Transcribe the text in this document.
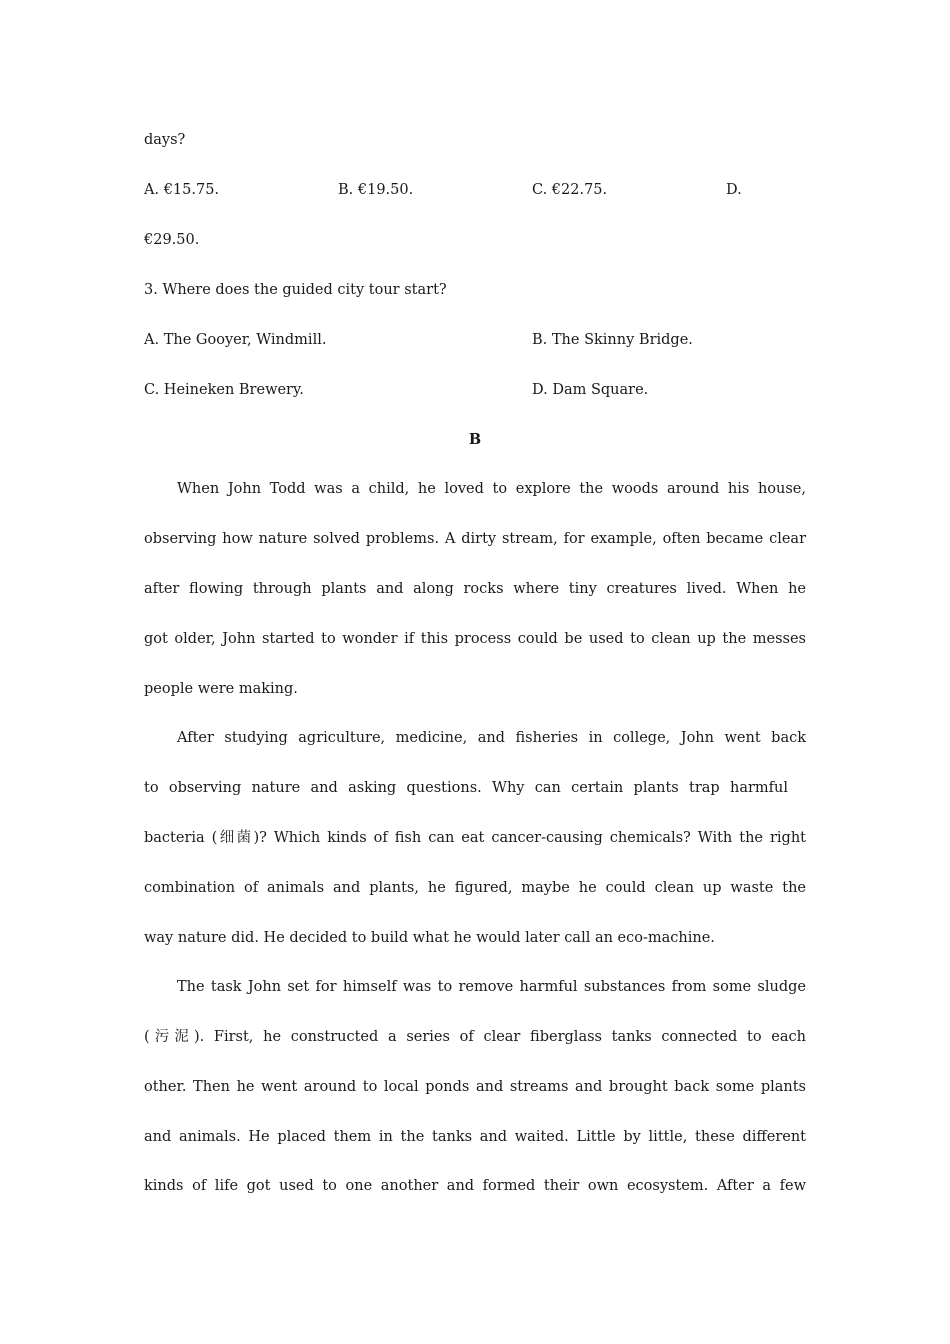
days?
A. €15.75.	B. €19.50.	C. €22.75.	D.
€29.50.
3. Where does the guided city tour start?
A. The Gooyer, Windmill.	B. The Skinny Bridge.
C. Heineken Brewery.	D. Dam Square.
B
When John Todd was a child, he loved to explore the woods around his house,
observing how nature solved problems. A dirty stream, for example, often became clear
after flowing through plants and along rocks where tiny creatures lived. When he
got older, John started to wonder if this process could be used to clean up the messes
people were making.
After studying agriculture, medicine, and fisheries in college, John went back
to observing nature and asking questions. Why can certain plants trap harmful
bacteria (细菌)? Which kinds of fish can eat cancer-causing chemicals? With the right
combination of animals and plants, he figured, maybe he could clean up waste the
way nature did. He decided to build what he would later call an eco-machine.
The task John set for himself was to remove harmful substances from some sludge
(污泥). First, he constructed a series of clear fiberglass tanks connected to each
other. Then he went around to local ponds and streams and brought back some plants
and animals. He placed them in the tanks and waited. Little by little, these different
kinds of life got used to one another and formed their own ecosystem. After a few
